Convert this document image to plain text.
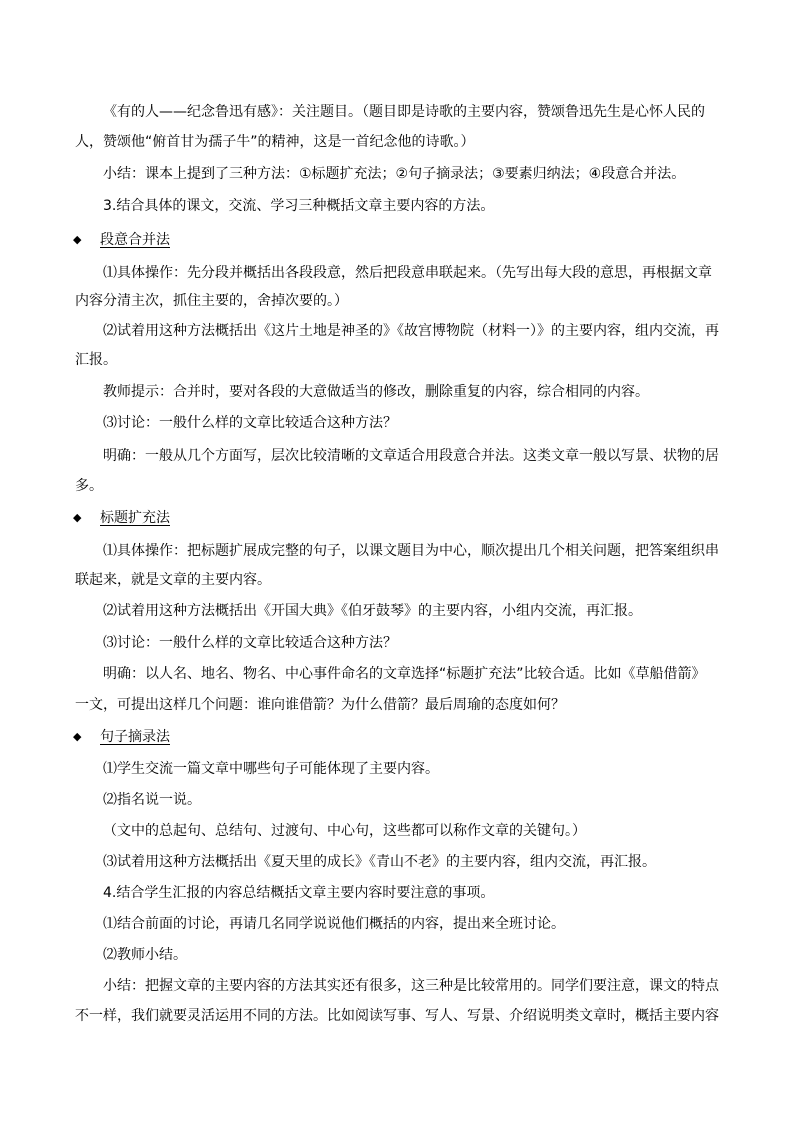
《有的人——纪念鲁迅有感》：关注题目。（题目即是诗歌的主要内容，赞颂鲁迅先生是心怀人民的
人，赞颂他“俯首甘为孺子牛”的精神，这是一首纪念他的诗歌。）
小结：课本上提到了三种方法：①标题扩充法；②句子摘录法；③要素归纳法；④段意合并法。
3.结合具体的课文，交流、学习三种概括文章主要内容的方法。
◆ 段意合并法
⑴具体操作：先分段并概括出各段段意，然后把段意串联起来。（先写出每大段的意思，再根据文章
内容分清主次，抓住主要的，舍掉次要的。）
⑵试着用这种方法概括出《这片土地是神圣的》《故宫博物院（材料一）》的主要内容，组内交流，再
汇报。
教师提示：合并时，要对各段的大意做适当的修改，删除重复的内容，综合相同的内容。
⑶讨论：一般什么样的文章比较适合这种方法？
明确：一般从几个方面写，层次比较清晰的文章适合用段意合并法。这类文章一般以写景、状物的居
多。
◆ 标题扩充法
⑴具体操作：把标题扩展成完整的句子，以课文题目为中心，顺次提出几个相关问题，把答案组织串
联起来，就是文章的主要内容。
⑵试着用这种方法概括出《开国大典》《伯牙鼓琴》的主要内容，小组内交流，再汇报。
⑶讨论：一般什么样的文章比较适合这种方法？
明确：以人名、地名、物名、中心事件命名的文章选择“标题扩充法”比较合适。比如《草船借箭》
一文，可提出这样几个问题：谁向谁借箭？为什么借箭？最后周瑜的态度如何？
◆ 句子摘录法
⑴学生交流一篇文章中哪些句子可能体现了主要内容。
⑵指名说一说。
（文中的总起句、总结句、过渡句、中心句，这些都可以称作文章的关键句。）
⑶试着用这种方法概括出《夏天里的成长》《青山不老》的主要内容，组内交流，再汇报。
4.结合学生汇报的内容总结概括文章主要内容时要注意的事项。
⑴结合前面的讨论，再请几名同学说说他们概括的内容，提出来全班讨论。
⑵教师小结。
小结：把握文章的主要内容的方法其实还有很多，这三种是比较常用的。同学们要注意，课文的特点
不一样，我们就要灵活运用不同的方法。比如阅读写事、写人、写景、介绍说明类文章时，概括主要内容
